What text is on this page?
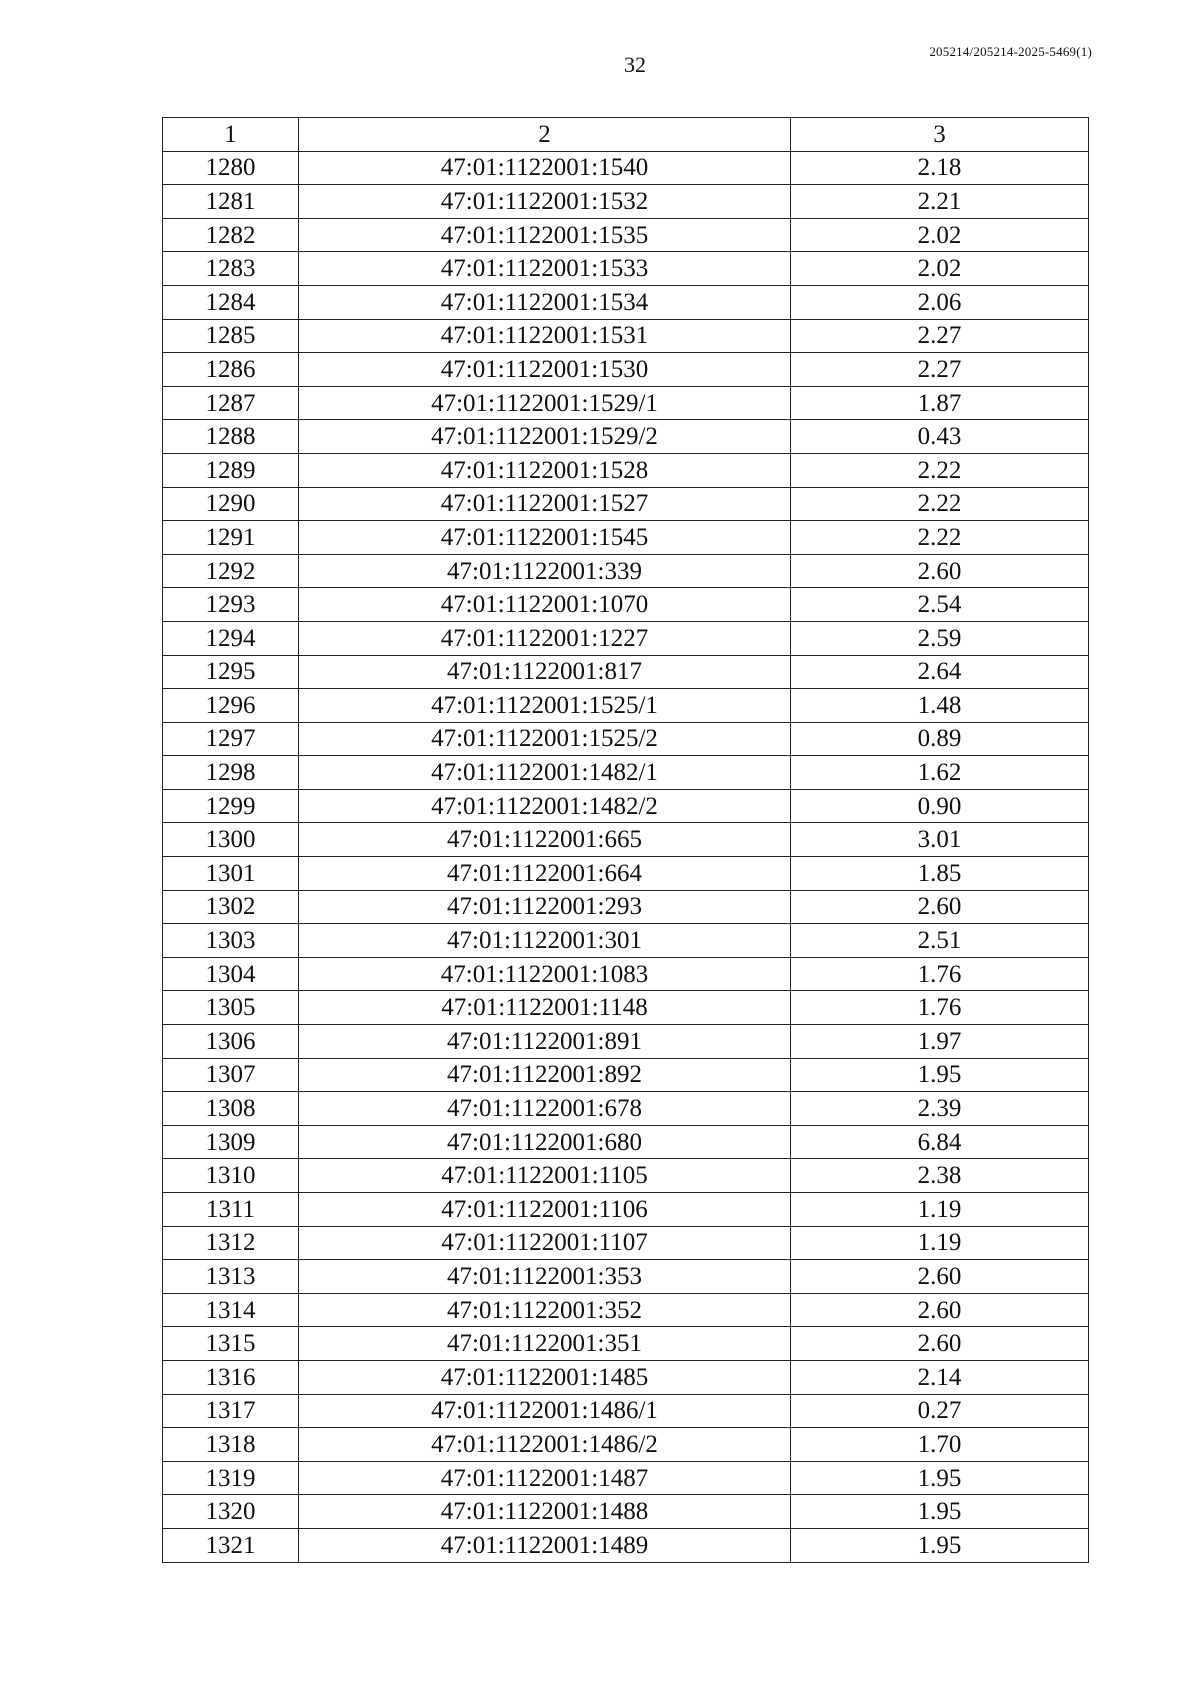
32
205214/205214-2025-5469(1)
1	2	3
1280	47:01:1122001:1540	2.18
1281	47:01:1122001:1532	2.21
1282	47:01:1122001:1535	2.02
1283	47:01:1122001:1533	2.02
1284	47:01:1122001:1534	2.06
1285	47:01:1122001:1531	2.27
1286	47:01:1122001:1530	2.27
1287	47:01:1122001:1529/1	1.87
1288	47:01:1122001:1529/2	0.43
1289	47:01:1122001:1528	2.22
1290	47:01:1122001:1527	2.22
1291	47:01:1122001:1545	2.22
1292	47:01:1122001:339	2.60
1293	47:01:1122001:1070	2.54
1294	47:01:1122001:1227	2.59
1295	47:01:1122001:817	2.64
1296	47:01:1122001:1525/1	1.48
1297	47:01:1122001:1525/2	0.89
1298	47:01:1122001:1482/1	1.62
1299	47:01:1122001:1482/2	0.90
1300	47:01:1122001:665	3.01
1301	47:01:1122001:664	1.85
1302	47:01:1122001:293	2.60
1303	47:01:1122001:301	2.51
1304	47:01:1122001:1083	1.76
1305	47:01:1122001:1148	1.76
1306	47:01:1122001:891	1.97
1307	47:01:1122001:892	1.95
1308	47:01:1122001:678	2.39
1309	47:01:1122001:680	6.84
1310	47:01:1122001:1105	2.38
1311	47:01:1122001:1106	1.19
1312	47:01:1122001:1107	1.19
1313	47:01:1122001:353	2.60
1314	47:01:1122001:352	2.60
1315	47:01:1122001:351	2.60
1316	47:01:1122001:1485	2.14
1317	47:01:1122001:1486/1	0.27
1318	47:01:1122001:1486/2	1.70
1319	47:01:1122001:1487	1.95
1320	47:01:1122001:1488	1.95
1321	47:01:1122001:1489	1.95
